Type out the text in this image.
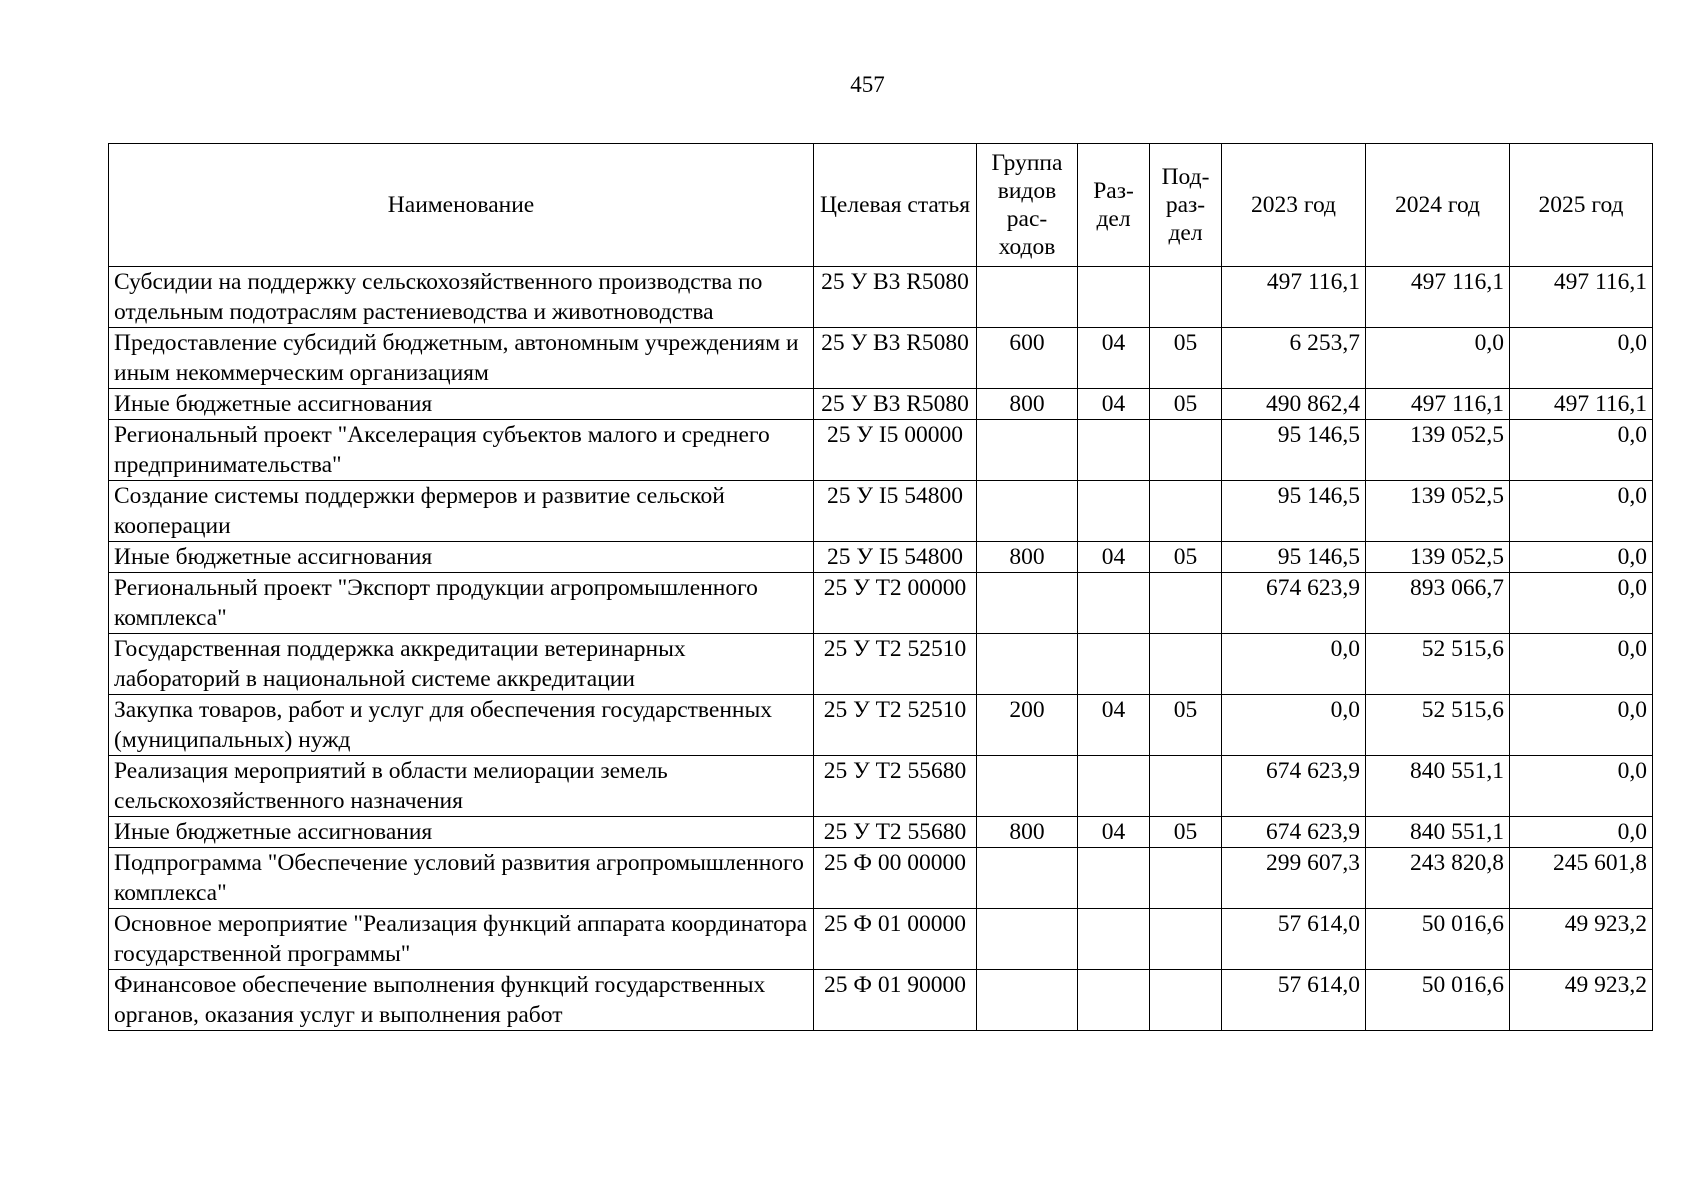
457
Наименование	Целевая статья	Группа видов рас-ходов	Раз-дел	Под-раз-дел	2023 год	2024 год	2025 год
Субсидии на поддержку сельскохозяйственного производства по отдельным подотраслям растениеводства и животноводства	25 У В3 R5080				497 116,1	497 116,1	497 116,1
Предоставление субсидий бюджетным, автономным учреждениям и иным некоммерческим организациям	25 У В3 R5080	600	04	05	6 253,7	0,0	0,0
Иные бюджетные ассигнования	25 У В3 R5080	800	04	05	490 862,4	497 116,1	497 116,1
Региональный проект "Акселерация субъектов малого и среднего предпринимательства"	25 У I5 00000				95 146,5	139 052,5	0,0
Создание системы поддержки фермеров и развитие сельской кооперации	25 У I5 54800				95 146,5	139 052,5	0,0
Иные бюджетные ассигнования	25 У I5 54800	800	04	05	95 146,5	139 052,5	0,0
Региональный проект "Экспорт продукции агропромышленного комплекса"	25 У Т2 00000				674 623,9	893 066,7	0,0
Государственная поддержка аккредитации ветеринарных лабораторий в национальной системе аккредитации	25 У Т2 52510				0,0	52 515,6	0,0
Закупка товаров, работ и услуг для обеспечения государственных (муниципальных) нужд	25 У Т2 52510	200	04	05	0,0	52 515,6	0,0
Реализация мероприятий в области мелиорации земель сельскохозяйственного назначения	25 У Т2 55680				674 623,9	840 551,1	0,0
Иные бюджетные ассигнования	25 У Т2 55680	800	04	05	674 623,9	840 551,1	0,0
Подпрограмма "Обеспечение условий развития агропромышленного комплекса"	25 Ф 00 00000				299 607,3	243 820,8	245 601,8
Основное мероприятие "Реализация функций аппарата координатора государственной программы"	25 Ф 01 00000				57 614,0	50 016,6	49 923,2
Финансовое обеспечение выполнения функций государственных органов, оказания услуг и выполнения работ	25 Ф 01 90000				57 614,0	50 016,6	49 923,2
